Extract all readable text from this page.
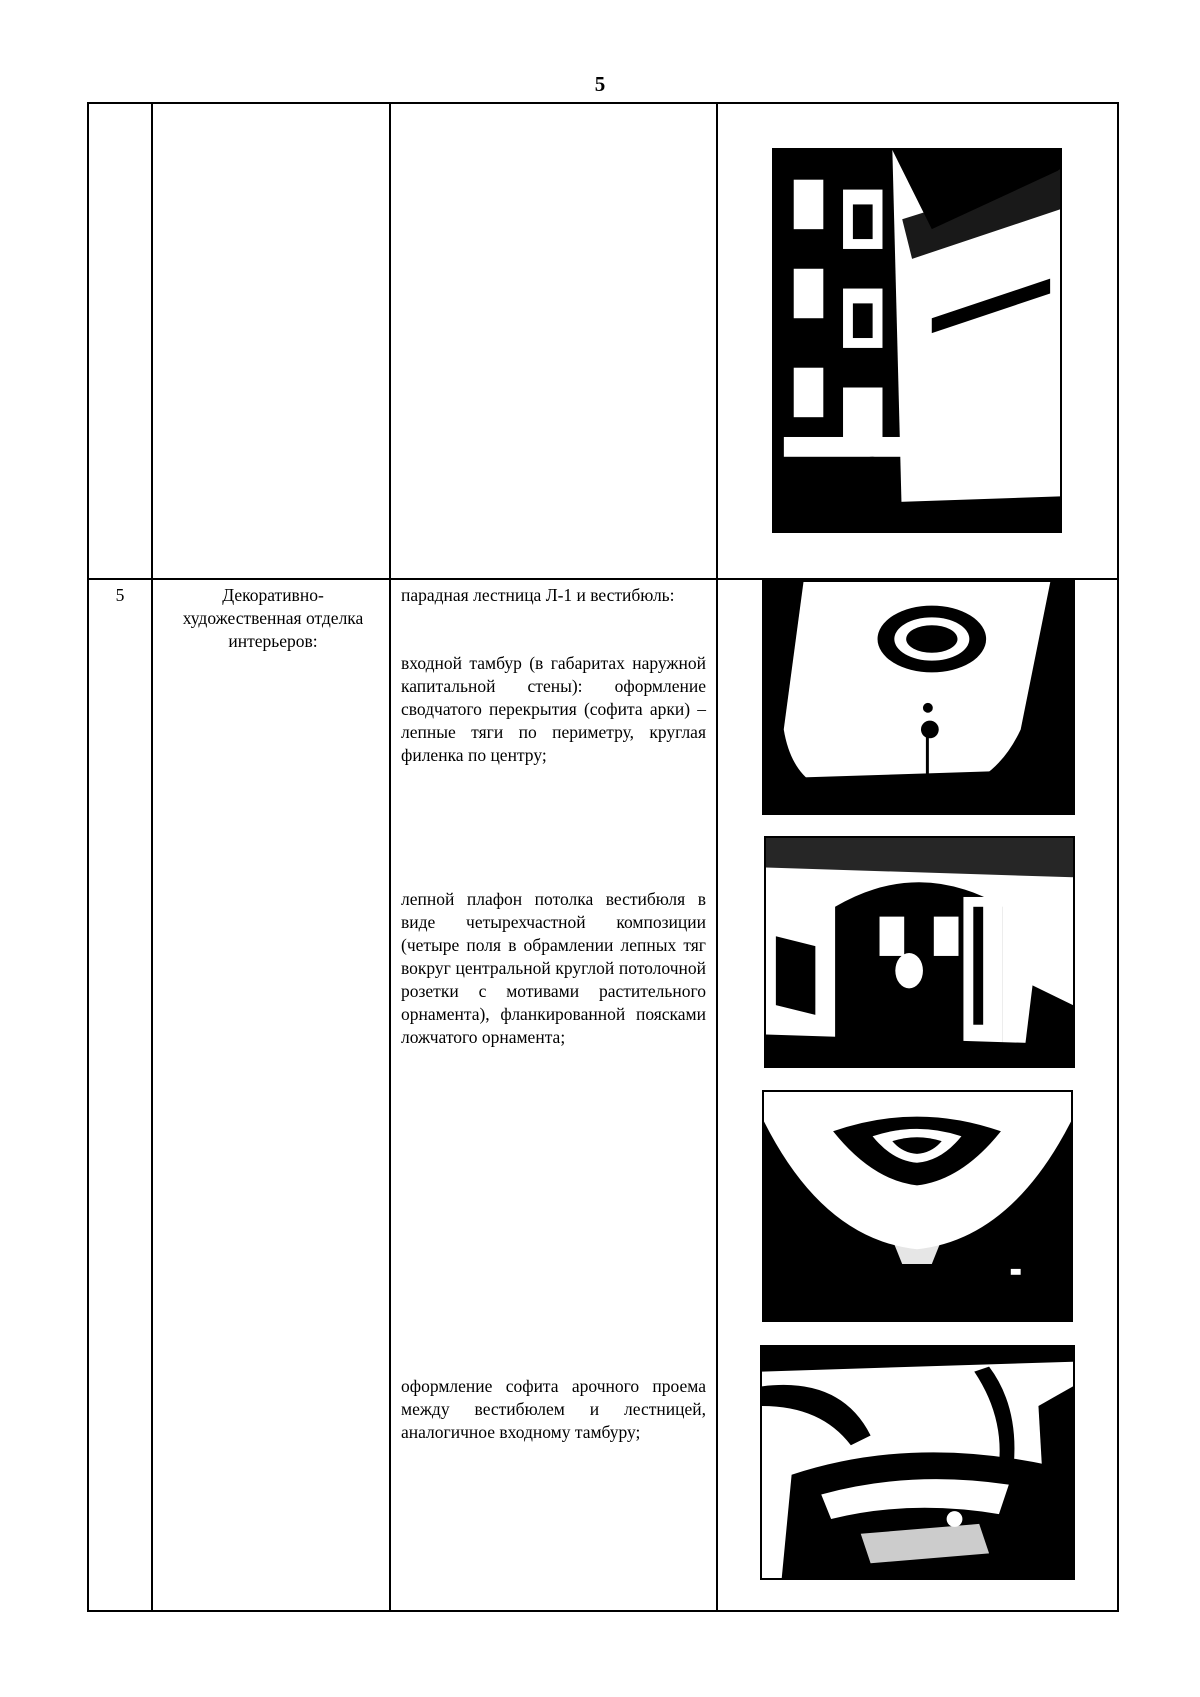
5
5	Декоративно-художественная отделка интерьеров:
парадная лестница Л-1 и вестибюль:
входной тамбур (в габаритах наружной капитальной стены): оформление сводчатого перекрытия (софита арки) – лепные тяги по периметру, круглая филенка по центру;
лепной плафон потолка вестибюля в виде четырехчастной композиции (четыре поля в обрамлении лепных тяг вокруг центральной круглой потолочной розетки с мотивами растительного орнамента), фланкированной поясками ложчатого орнамента;
оформление софита арочного проема между вестибюлем и лестницей, аналогичное входному тамбуру;
